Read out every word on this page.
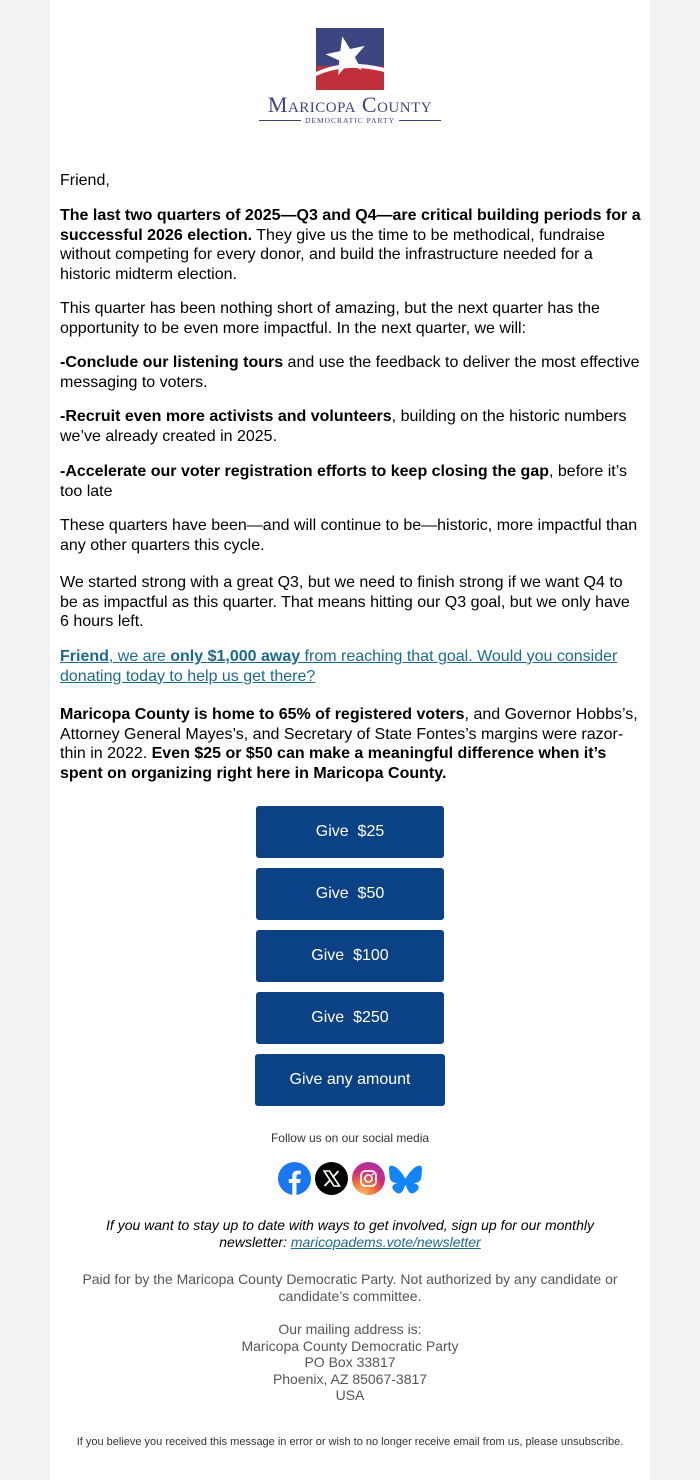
Maricopa County
DEMOCRATIC PARTY

Friend,

The last two quarters of 2025—Q3 and Q4—are critical building periods for a successful 2026 election. They give us the time to be methodical, fundraise without competing for every donor, and build the infrastructure needed for a historic midterm election.

This quarter has been nothing short of amazing, but the next quarter has the opportunity to be even more impactful. In the next quarter, we will:

-Conclude our listening tours and use the feedback to deliver the most effective messaging to voters.

-Recruit even more activists and volunteers, building on the historic numbers we’ve already created in 2025.

-Accelerate our voter registration efforts to keep closing the gap, before it’s too late

These quarters have been—and will continue to be—historic, more impactful than any other quarters this cycle.

We started strong with a great Q3, but we need to finish strong if we want Q4 to be as impactful as this quarter. That means hitting our Q3 goal, but we only have 6 hours left.

Friend, we are only $1,000 away from reaching that goal. Would you consider donating today to help us get there?

Maricopa County is home to 65% of registered voters, and Governor Hobbs’s, Attorney General Mayes’s, and Secretary of State Fontes’s margins were razor-thin in 2022. Even $25 or $50 can make a meaningful difference when it’s spent on organizing right here in Maricopa County.

Give  $25
Give  $50
Give  $100
Give  $250
Give any amount
Follow us on our social media
If you want to stay up to date with ways to get involved, sign up for our monthly newsletter: maricopadems.vote/newsletter

Paid for by the Maricopa County Democratic Party. Not authorized by any candidate or candidate’s committee.

Our mailing address is:

Maricopa County Democratic Party

PO Box 33817

Phoenix, AZ 85067-3817

USA

If you believe you received this message in error or wish to no longer receive email from us, please unsubscribe.
